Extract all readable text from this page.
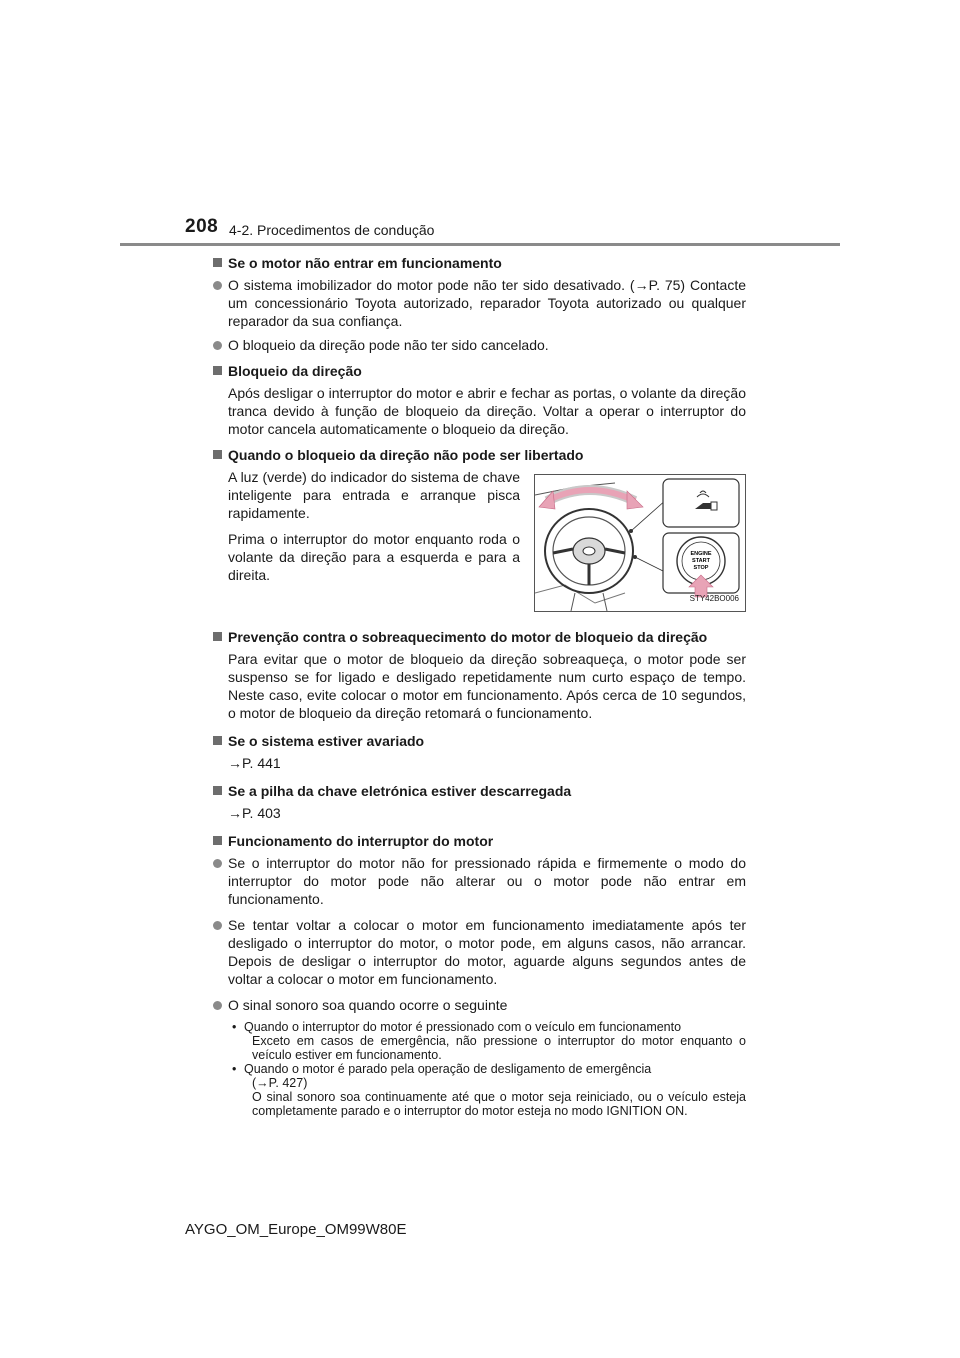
208 4-2. Procedimentos de condução
Se o motor não entrar em funcionamento
O sistema imobilizador do motor pode não ter sido desativado. (→P. 75) Contacte um concessionário Toyota autorizado, reparador Toyota autorizado ou qualquer reparador da sua confiança.
O bloqueio da direção pode não ter sido cancelado.
Bloqueio da direção
Após desligar o interruptor do motor e abrir e fechar as portas, o volante da direção tranca devido à função de bloqueio da direção. Voltar a operar o interruptor do motor cancela automaticamente o bloqueio da direção.
Quando o bloqueio da direção não pode ser libertado

A luz (verde) do indicador do sistema de chave inteligente para entrada e arranque pisca rapidamente.

Prima o interruptor do motor enquanto roda o volante da direção para a esquerda e para a direita.

ENGINE
START
STOP
STY42BO006
Prevenção contra o sobreaquecimento do motor de bloqueio da direção
Para evitar que o motor de bloqueio da direção sobreaqueça, o motor pode ser suspenso se for ligado e desligado repetidamente num curto espaço de tempo. Neste caso, evite colocar o motor em funcionamento. Após cerca de 10 segundos, o motor de bloqueio da direção retomará o funcionamento.
Se o sistema estiver avariado
→P. 441
Se a pilha da chave eletrónica estiver descarregada
→P. 403
Funcionamento do interruptor do motor
Se o interruptor do motor não for pressionado rápida e firmemente o modo do interruptor do motor pode não alterar ou o motor pode não entrar em funcionamento.
Se tentar voltar a colocar o motor em funcionamento imediatamente após ter desligado o interruptor do motor, o motor pode, em alguns casos, não arrancar. Depois de desligar o interruptor do motor, aguarde alguns segundos antes de voltar a colocar o motor em funcionamento.
O sinal sonoro soa quando ocorre o seguinte
• Quando o interruptor do motor é pressionado com o veículo em funcionamento
Exceto em casos de emergência, não pressione o interruptor do motor enquanto o veículo estiver em funcionamento.
• Quando o motor é parado pela operação de desligamento de emergência
(→P. 427)
O sinal sonoro soa continuamente até que o motor seja reiniciado, ou o veículo esteja completamente parado e o interruptor do motor esteja no modo IGNITION ON.
AYGO_OM_Europe_OM99W80E
